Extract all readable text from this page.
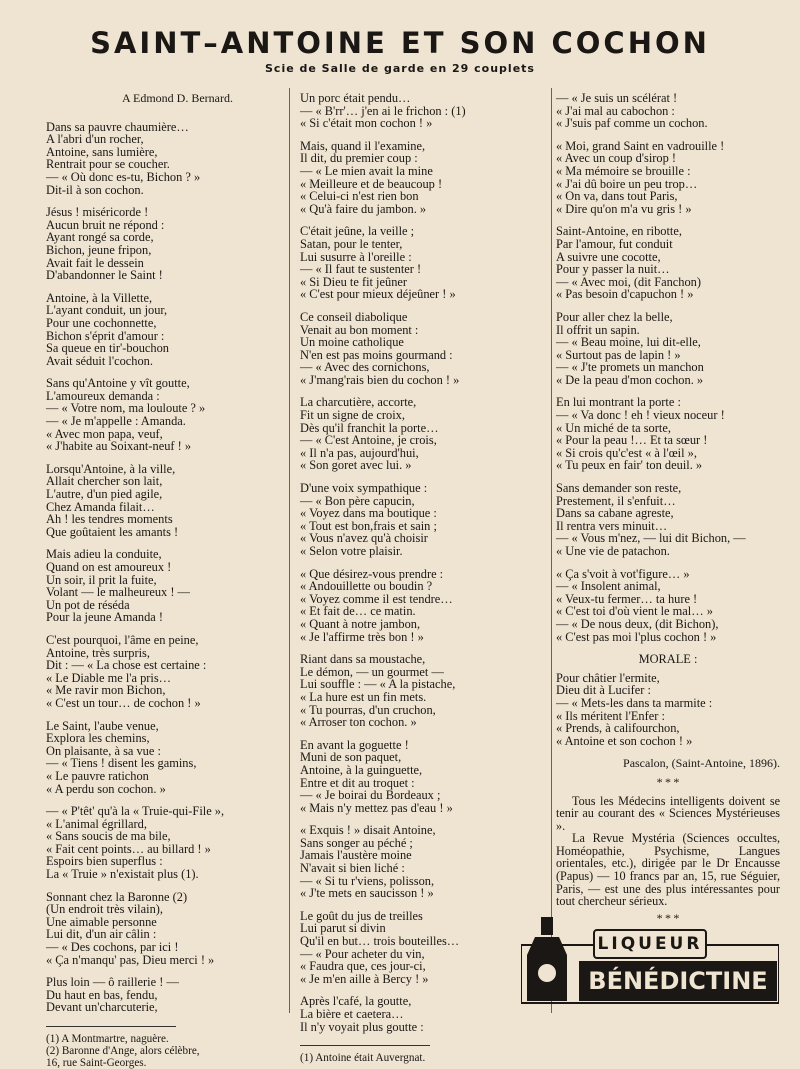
SAINT–ANTOINE ET SON COCHON
Scie de Salle de garde en 29 couplets
A Edmond D. Bernard.
Dans sa pauvre chaumière…
A l'abri d'un rocher,
Antoine, sans lumière,
Rentrait pour se coucher.
— « Où donc es-tu, Bichon ? »
Dit-il à son cochon.
Jésus ! miséricorde !
Aucun bruit ne répond :
Ayant rongé sa corde,
Bichon, jeune fripon,
Avait fait le dessein
D'abandonner le Saint !
Antoine, à la Villette,
L'ayant conduit, un jour,
Pour une cochonnette,
Bichon s'éprit d'amour :
Sa queue en tir'-bouchon
Avait séduit l'cochon.
Sans qu'Antoine y vît goutte,
L'amoureux demanda :
— « Votre nom, ma louloute ? »
— « Je m'appelle : Amanda.
« Avec mon papa, veuf,
« J'habite au Soixant-neuf ! »
Lorsqu'Antoine, à la ville,
Allait chercher son lait,
L'autre, d'un pied agile,
Chez Amanda filait…
Ah ! les tendres moments
Que goûtaient les amants !
Mais adieu la conduite,
Quand on est amoureux !
Un soir, il prit la fuite,
Volant — le malheureux ! —
Un pot de réséda
Pour la jeune Amanda !
C'est pourquoi, l'âme en peine,
Antoine, très surpris,
Dit : — « La chose est certaine :
« Le Diable me l'a pris…
« Me ravir mon Bichon,
« C'est un tour… de cochon ! »
Le Saint, l'aube venue,
Explora les chemins,
On plaisante, à sa vue :
— « Tiens ! disent les gamins,
« Le pauvre ratichon
« A perdu son cochon. »
— « P'têt' qu'à la « Truie-qui-File »,
« L'animal égrillard,
« Sans soucis de ma bile,
« Fait cent points… au billard ! »
Espoirs bien superflus :
La « Truie » n'existait plus (1).
Sonnant chez la Baronne (2)
(Un endroit très vilain),
Une aimable personne
Lui dit, d'un air câlin :
— « Des cochons, par ici !
« Ça n'manqu' pas, Dieu merci ! »
Plus loin — ô raillerie ! —
Du haut en bas, fendu,
Devant un'charcuterie,
(1) A Montmartre, naguère.
(2) Baronne d'Ange, alors célèbre,
16, rue Saint-Georges.
Un porc était pendu…
— « B'rr'… j'en ai le frichon : (1)
« Si c'était mon cochon ! »
Mais, quand il l'examine,
Il dit, du premier coup :
— « Le mien avait la mine
« Meilleure et de beaucoup !
« Celui-ci n'est rien bon
« Qu'à faire du jambon. »
C'était jeûne, la veille ;
Satan, pour le tenter,
Lui susurre à l'oreille :
— « Il faut te sustenter !
« Si Dieu te fit jeûner
« C'est pour mieux déjeûner ! »
Ce conseil diabolique
Venait au bon moment :
Un moine catholique
N'en est pas moins gourmand :
— « Avec des cornichons,
« J'mang'rais bien du cochon ! »
La charcutière, accorte,
Fit un signe de croix,
Dès qu'il franchit la porte…
— « C'est Antoine, je crois,
« Il n'a pas, aujourd'hui,
« Son goret avec lui. »
D'une voix sympathique :
— « Bon père capucin,
« Voyez dans ma boutique :
« Tout est bon,frais et sain ;
« Vous n'avez qu'à choisir
« Selon votre plaisir.
« Que désirez-vous prendre :
« Andouillette ou boudin ?
« Voyez comme il est tendre…
« Et fait de… ce matin.
« Quant à notre jambon,
« Je l'affirme très bon ! »
Riant dans sa moustache,
Le démon, — un gourmet —
Lui souffle : — « A la pistache,
« La hure est un fin mets.
« Tu pourras, d'un cruchon,
« Arroser ton cochon. »
En avant la goguette !
Muni de son paquet,
Antoine, à la guinguette,
Entre et dit au troquet :
— « Je boirai du Bordeaux ;
« Mais n'y mettez pas d'eau ! »
« Exquis ! » disait Antoine,
Sans songer au péché ;
Jamais l'austère moine
N'avait si bien liché :
— « Si tu r'viens, polisson,
« J'te mets en saucisson ! »
Le goût du jus de treilles
Lui parut si divin
Qu'il en but… trois bouteilles…
— « Pour acheter du vin,
« Faudra que, ces jour-ci,
« Je m'en aille à Bercy ! »
Après l'café, la goutte,
La bière et caetera…
Il n'y voyait plus goutte :
(1) Antoine était Auvergnat.
— « Je suis un scélérat !
« J'ai mal au cabochon :
« J'suis paf comme un cochon.
« Moi, grand Saint en vadrouille !
« Avec un coup d'sirop !
« Ma mémoire se brouille :
« J'ai dû boire un peu trop…
« On va, dans tout Paris,
« Dire qu'on m'a vu gris ! »
Saint-Antoine, en ribotte,
Par l'amour, fut conduit
A suivre une cocotte,
Pour y passer la nuit…
— « Avec moi, (dit Fanchon)
« Pas besoin d'capuchon ! »
Pour aller chez la belle,
Il offrit un sapin.
— « Beau moine, lui dit-elle,
« Surtout pas de lapin ! »
— « J'te promets un manchon
« De la peau d'mon cochon. »
En lui montrant la porte :
— « Va donc ! eh ! vieux noceur !
« Un miché de ta sorte,
« Pour la peau !… Et ta sœur !
« Si crois qu'c'est « à l'œil »,
« Tu peux en fair' ton deuil. »
Sans demander son reste,
Prestement, il s'enfuit…
Dans sa cabane agreste,
Il rentra vers minuit…
— « Vous m'nez, — lui dit Bichon, —
« Une vie de patachon.
« Ça s'voit à vot'figure… »
— « Insolent animal,
« Veux-tu fermer… ta hure !
« C'est toi d'où vient le mal… »
— « De nous deux, (dit Bichon),
« C'est pas moi l'plus cochon ! »
MORALE :
Pour châtier l'ermite,
Dieu dit à Lucifer :
— « Mets-les dans ta marmite :
« Ils méritent l'Enfer :
« Prends, à califourchon,
« Antoine et son cochon ! »
Pascalon, (Saint-Antoine, 1896).
* * *

Tous les Médecins intelligents doivent se tenir au courant des « Sciences Mystérieuses ».

La Revue Mystéria (Sciences occultes, Homéopathie, Psychisme, Langues orientales, etc.), dirigée par le Dr Encausse (Papus) — 10 francs par an, 15, rue Séguier, Paris, — est une des plus intéressantes pour tout chercheur sérieux.

* * *
LIQUEUR
BÉNÉDICTINE
